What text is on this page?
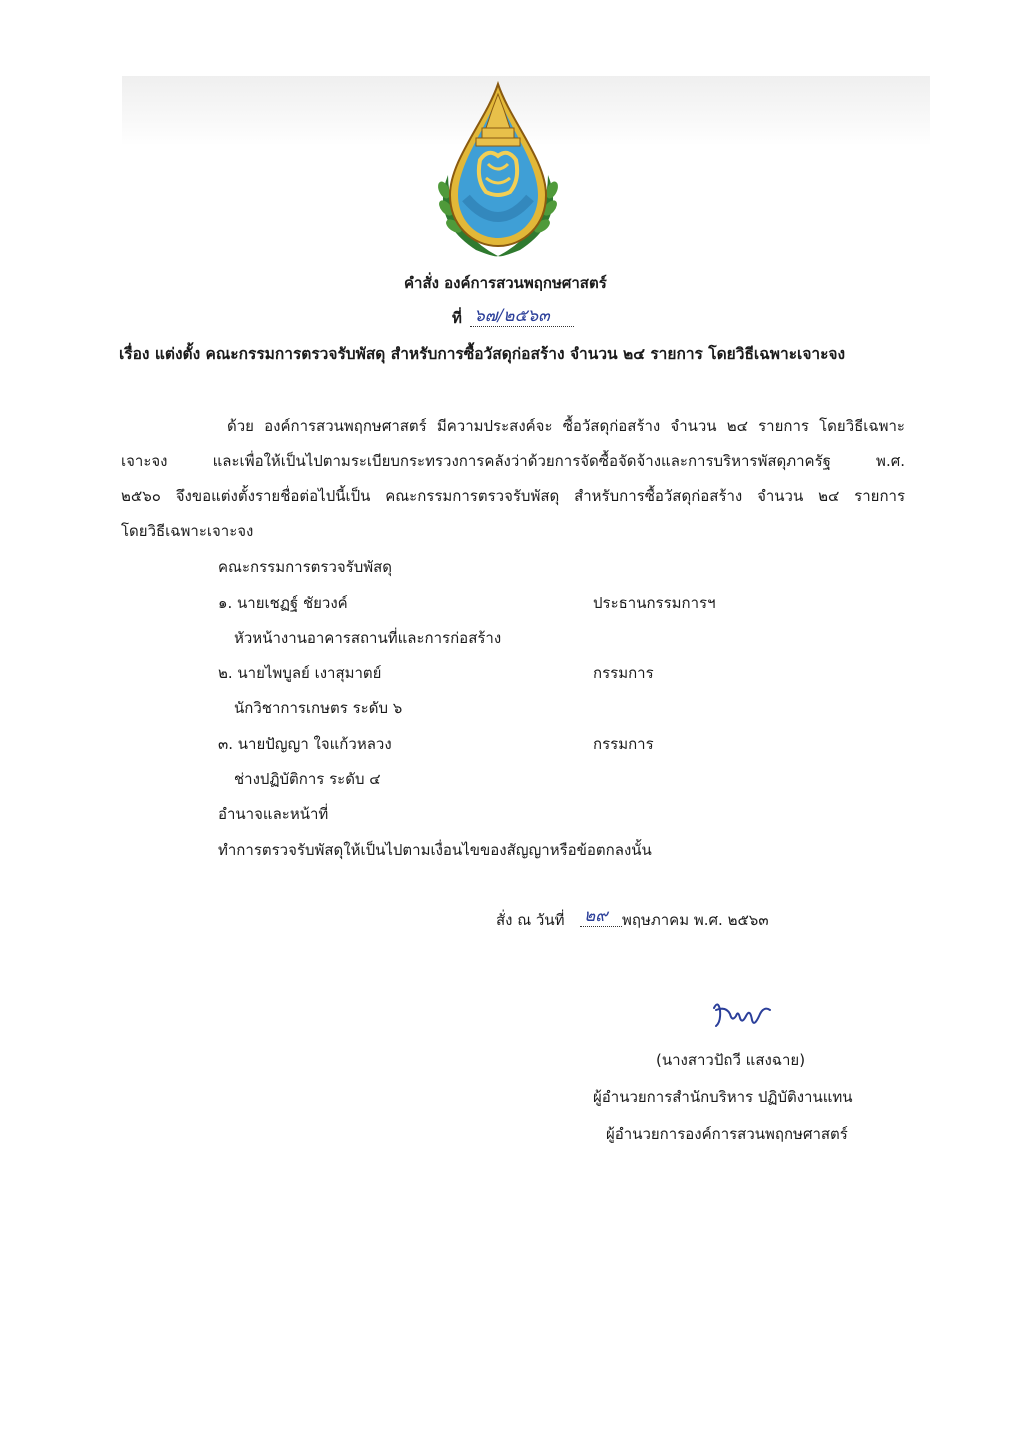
คำสั่ง องค์การสวนพฤกษศาสตร์
ที่ ๖๗/๒๕๖๓
เรื่อง แต่งตั้ง คณะกรรมการตรวจรับพัสดุ สำหรับการซื้อวัสดุก่อสร้าง จำนวน ๒๔ รายการ โดยวิธีเฉพาะเจาะจง
ด้วย องค์การสวนพฤกษศาสตร์ มีความประสงค์จะ ซื้อวัสดุก่อสร้าง จำนวน ๒๔ รายการ โดยวิธีเฉพาะ
เจาะจง และเพื่อให้เป็นไปตามระเบียบกระทรวงการคลังว่าด้วยการจัดซื้อจัดจ้างและการบริหารพัสดุภาครัฐ พ.ศ.
๒๕๖๐ จึงขอแต่งตั้งรายชื่อต่อไปนี้เป็น คณะกรรมการตรวจรับพัสดุ สำหรับการซื้อวัสดุก่อสร้าง จำนวน ๒๔ รายการ
โดยวิธีเฉพาะเจาะจง
คณะกรรมการตรวจรับพัสดุ
๑. นายเชฏฐ์ ชัยวงค์	ประธานกรรมการฯ
หัวหน้างานอาคารสถานที่และการก่อสร้าง
๒. นายไพบูลย์ เงาสุมาตย์	กรรมการ
นักวิชาการเกษตร ระดับ ๖
๓. นายปัญญา ใจแก้วหลวง	กรรมการ
ช่างปฏิบัติการ ระดับ ๔
อำนาจและหน้าที่
ทำการตรวจรับพัสดุให้เป็นไปตามเงื่อนไขของสัญญาหรือข้อตกลงนั้น
สั่ง ณ วันที่ ๒๙ พฤษภาคม พ.ศ. ๒๕๖๓
(นางสาวปัถวี แสงฉาย)
ผู้อำนวยการสำนักบริหาร ปฏิบัติงานแทน
ผู้อำนวยการองค์การสวนพฤกษศาสตร์
